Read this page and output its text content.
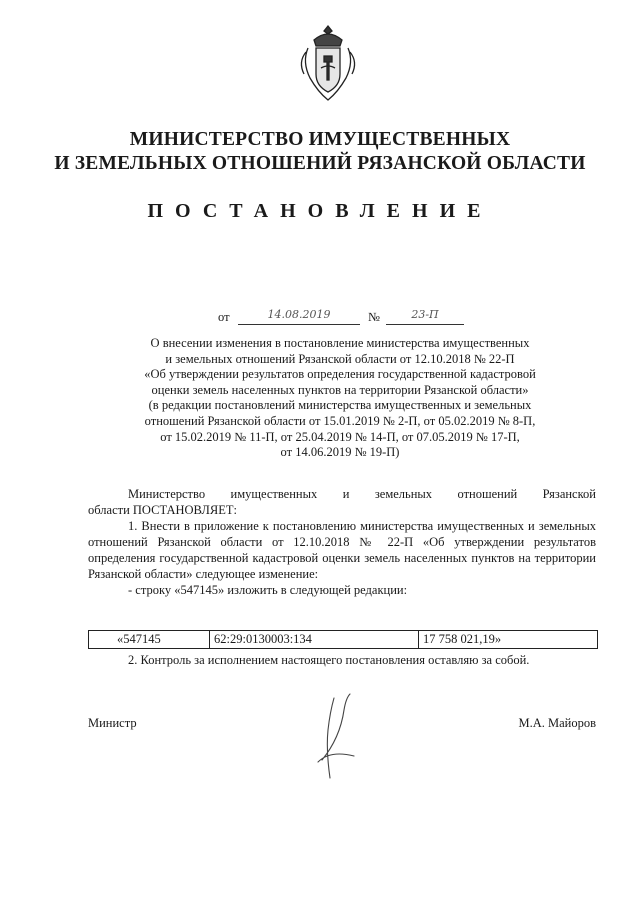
МИНИСТЕРСТВО ИМУЩЕСТВЕННЫХ
И ЗЕМЕЛЬНЫХ ОТНОШЕНИЙ РЯЗАНСКОЙ ОБЛАСТИ
ПОСТАНОВЛЕНИЕ
от	14.08.2019	№	23-П
О внесении изменения в постановление министерства имущественных
и земельных отношений Рязанской области от 12.10.2018 № 22-П
«Об утверждении результатов определения государственной кадастровой
оценки земель населенных пунктов на территории Рязанской области»
(в редакции постановлений министерства имущественных и земельных
отношений Рязанской области от 15.01.2019 № 2-П, от 05.02.2019 № 8-П,
от 15.02.2019 № 11-П, от 25.04.2019 № 14-П, от 07.05.2019 № 17-П,
от 14.06.2019 № 19-П)

Министерство имущественных и земельных отношений Рязанской

области ПОСТАНОВЛЯЕТ:

1. Внести в приложение к постановлению министерства имущественных и земельных отношений Рязанской области от 12.10.2018 № 22-П «Об утверждении результатов определения государственной кадастровой оценки земель населенных пунктов на территории Рязанской области» следующее изменение:

- строку «547145» изложить в следующей редакции:

«547145	62:29:0130003:134	17 758 021,19»

2. Контроль за исполнением настоящего постановления оставляю за собой.

Министр	М.А. Майоров
